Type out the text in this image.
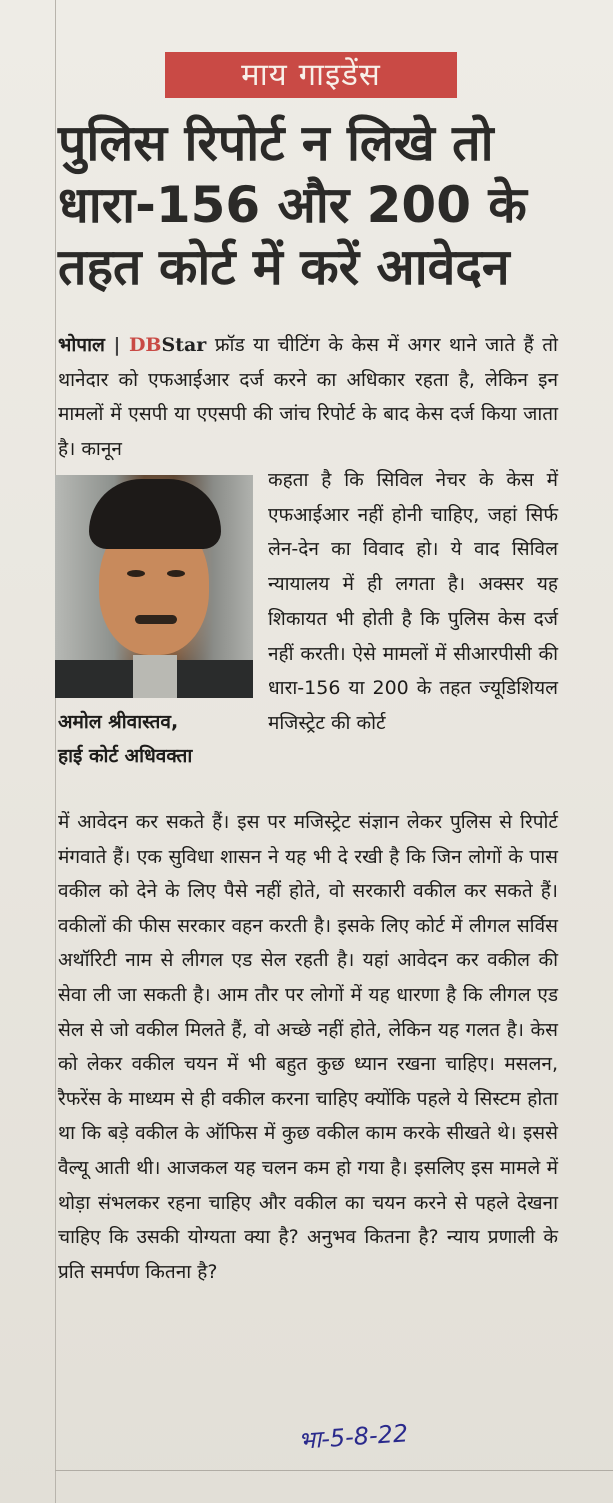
माय गाइडेंस
पुलिस रिपोर्ट न लिखे तो
धारा-156 और 200 के
तहत कोर्ट में करें आवेदन

भोपाल | DBStar फ्रॉड या चीटिंग के केस में अगर थाने जाते हैं तो थानेदार को एफआईआर दर्ज करने का अधिकार रहता है, लेकिन इन मामलों में एसपी या एएसपी की जांच रिपोर्ट के बाद केस दर्ज किया जाता है। कानून

अमोल श्रीवास्तव,
हाई कोर्ट अधिवक्ता

कहता है कि सिविल नेचर के केस में एफआईआर नहीं होनी चाहिए, जहां सिर्फ लेन-देन का विवाद हो। ये वाद सिविल न्यायालय में ही लगता है। अक्सर यह शिकायत भी होती है कि पुलिस केस दर्ज नहीं करती। ऐसे मामलों में सीआरपीसी की धारा-156 या 200 के तहत ज्यूडिशियल मजिस्ट्रेट की कोर्ट

में आवेदन कर सकते हैं। इस पर मजिस्ट्रेट संज्ञान लेकर पुलिस से रिपोर्ट मंगवाते हैं। एक सुविधा शासन ने यह भी दे रखी है कि जिन लोगों के पास वकील को देने के लिए पैसे नहीं होते, वो सरकारी वकील कर सकते हैं। वकीलों की फीस सरकार वहन करती है। इसके लिए कोर्ट में लीगल सर्विस अथॉरिटी नाम से लीगल एड सेल रहती है। यहां आवेदन कर वकील की सेवा ली जा सकती है। आम तौर पर लोगों में यह धारणा है कि लीगल एड सेल से जो वकील मिलते हैं, वो अच्छे नहीं होते, लेकिन यह गलत है। केस को लेकर वकील चयन में भी बहुत कुछ ध्यान रखना चाहिए। मसलन, रैफरेंस के माध्यम से ही वकील करना चाहिए क्योंकि पहले ये सिस्टम होता था कि बड़े वकील के ऑफिस में कुछ वकील काम करके सीखते थे। इससे वैल्यू आती थी। आजकल यह चलन कम हो गया है। इसलिए इस मामले में थोड़ा संभलकर रहना चाहिए और वकील का चयन करने से पहले देखना चाहिए कि उसकी योग्यता क्या है? अनुभव कितना है? न्याय प्रणाली के प्रति समर्पण कितना है?

भा-5-8-22
